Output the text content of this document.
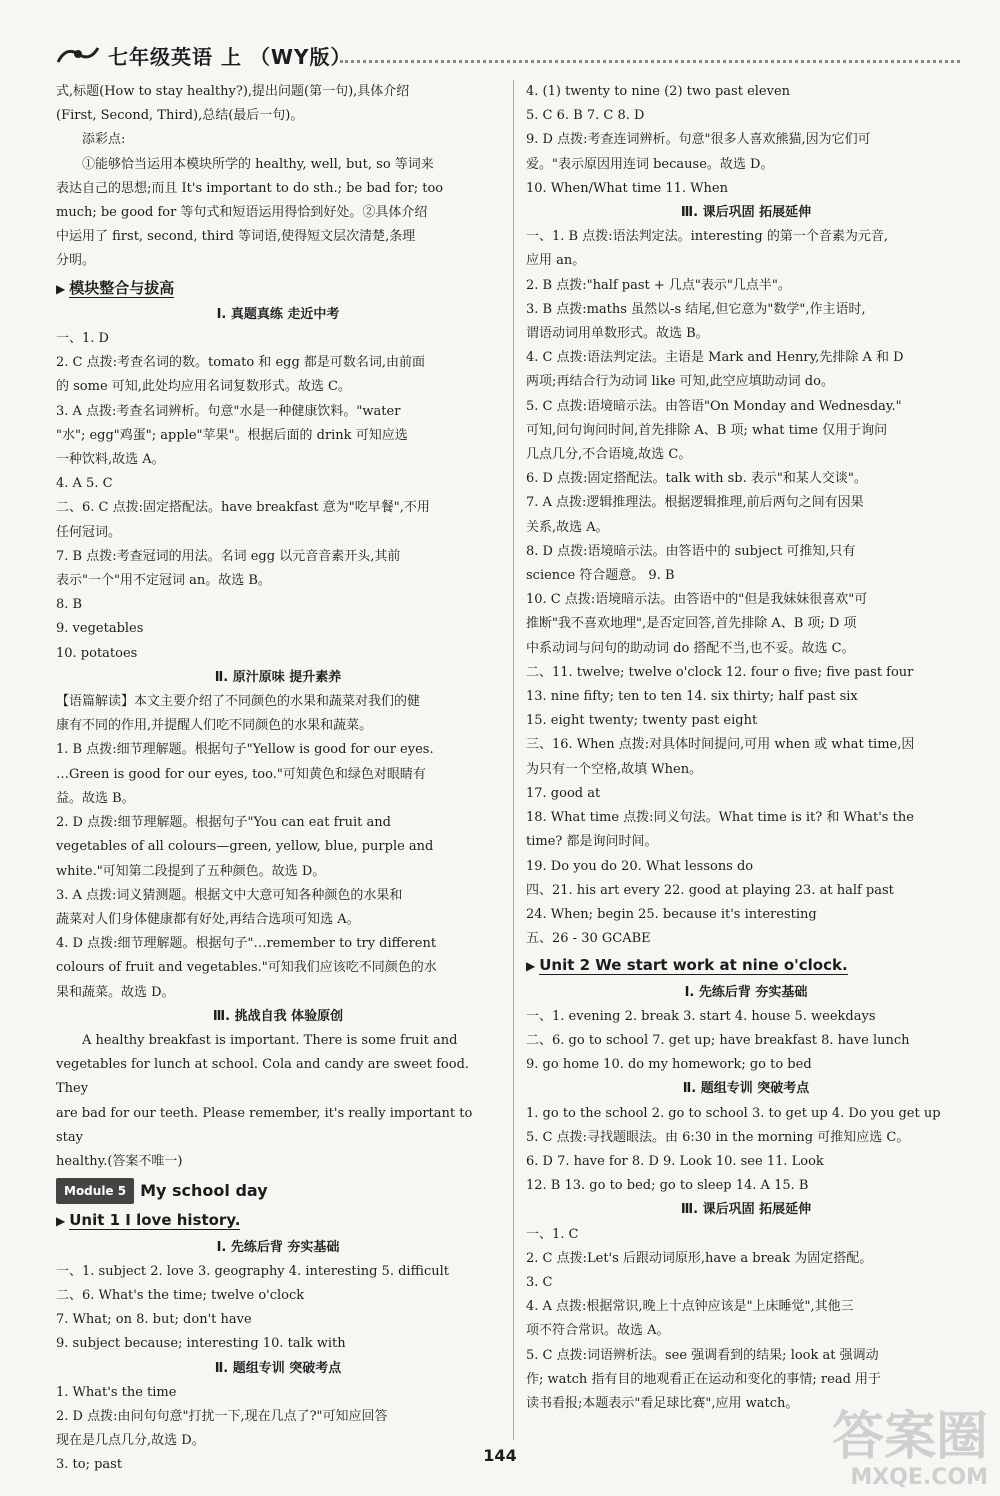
七年级英语 上 （WY版）

式,标题(How to stay healthy?),提出问题(第一句),具体介绍

(First, Second, Third),总结(最后一句)。

添彩点:

①能够恰当运用本模块所学的 healthy, well, but, so 等词来

表达自己的思想;而且 It's important to do sth.; be bad for; too

much; be good for 等句式和短语运用得恰到好处。②具体介绍

中运用了 first, second, third 等词语,使得短文层次清楚,条理

分明。

▶ 模块整合与拔高
Ⅰ. 真题真练 走近中考

一、1. D

2. C 点拨:考查名词的数。tomato 和 egg 都是可数名词,由前面

的 some 可知,此处均应用名词复数形式。故选 C。

3. A 点拨:考查名词辨析。句意"水是一种健康饮料。"water

"水"; egg"鸡蛋"; apple"苹果"。根据后面的 drink 可知应选

一种饮料,故选 A。

4. A 5. C

二、6. C 点拨:固定搭配法。have breakfast 意为"吃早餐",不用

任何冠词。

7. B 点拨:考查冠词的用法。名词 egg 以元音音素开头,其前

表示"一个"用不定冠词 an。故选 B。

8. B

9. vegetables

10. potatoes

Ⅱ. 原汁原味 提升素养

【语篇解读】本文主要介绍了不同颜色的水果和蔬菜对我们的健

康有不同的作用,并提醒人们吃不同颜色的水果和蔬菜。

1. B 点拨:细节理解题。根据句子"Yellow is good for our eyes.

…Green is good for our eyes, too."可知黄色和绿色对眼睛有

益。故选 B。

2. D 点拨:细节理解题。根据句子"You can eat fruit and

vegetables of all colours—green, yellow, blue, purple and

white."可知第二段提到了五种颜色。故选 D。

3. A 点拨:词义猜测题。根据文中大意可知各种颜色的水果和

蔬菜对人们身体健康都有好处,再结合选项可知选 A。

4. D 点拨:细节理解题。根据句子"…remember to try different

colours of fruit and vegetables."可知我们应该吃不同颜色的水

果和蔬菜。故选 D。

Ⅲ. 挑战自我 体验原创

A healthy breakfast is important. There is some fruit and

vegetables for lunch at school. Cola and candy are sweet food. They

are bad for our teeth. Please remember, it's really important to stay

healthy.(答案不唯一)

Module 5 My school day
▶ Unit 1 I love history.
Ⅰ. 先练后背 夯实基础

一、1. subject 2. love 3. geography 4. interesting 5. difficult

二、6. What's the time; twelve o'clock

7. What; on 8. but; don't have

9. subject because; interesting 10. talk with

Ⅱ. 题组专训 突破考点

1. What's the time

2. D 点拨:由问句句意"打扰一下,现在几点了?"可知应回答

现在是几点几分,故选 D。

3. to; past

4. (1) twenty to nine (2) two past eleven

5. C 6. B 7. C 8. D

9. D 点拨:考查连词辨析。句意"很多人喜欢熊猫,因为它们可

爱。"表示原因用连词 because。故选 D。

10. When/What time 11. When

Ⅲ. 课后巩固 拓展延伸

一、1. B 点拨:语法判定法。interesting 的第一个音素为元音,

应用 an。

2. B 点拨:"half past + 几点"表示"几点半"。

3. B 点拨:maths 虽然以-s 结尾,但它意为"数学",作主语时,

谓语动词用单数形式。故选 B。

4. C 点拨:语法判定法。主语是 Mark and Henry,先排除 A 和 D

两项;再结合行为动词 like 可知,此空应填助动词 do。

5. C 点拨:语境暗示法。由答语"On Monday and Wednesday."

可知,问句询问时间,首先排除 A、B 项; what time 仅用于询问

几点几分,不合语境,故选 C。

6. D 点拨:固定搭配法。talk with sb. 表示"和某人交谈"。

7. A 点拨:逻辑推理法。根据逻辑推理,前后两句之间有因果

关系,故选 A。

8. D 点拨:语境暗示法。由答语中的 subject 可推知,只有

science 符合题意。 9. B

10. C 点拨:语境暗示法。由答语中的"但是我妹妹很喜欢"可

推断"我不喜欢地理",是否定回答,首先排除 A、B 项; D 项

中系动词与问句的助动词 do 搭配不当,也不妥。故选 C。

二、11. twelve; twelve o'clock 12. four o five; five past four

13. nine fifty; ten to ten 14. six thirty; half past six

15. eight twenty; twenty past eight

三、16. When 点拨:对具体时间提问,可用 when 或 what time,因

为只有一个空格,故填 When。

17. good at

18. What time 点拨:同义句法。What time is it? 和 What's the

time? 都是询问时间。

19. Do you do 20. What lessons do

四、21. his art every 22. good at playing 23. at half past

24. When; begin 25. because it's interesting

五、26 - 30 GCABE

▶ Unit 2 We start work at nine o'clock.
Ⅰ. 先练后背 夯实基础

一、1. evening 2. break 3. start 4. house 5. weekdays

二、6. go to school 7. get up; have breakfast 8. have lunch

9. go home 10. do my homework; go to bed

Ⅱ. 题组专训 突破考点

1. go to the school 2. go to school 3. to get up 4. Do you get up

5. C 点拨:寻找题眼法。由 6:30 in the morning 可推知应选 C。

6. D 7. have for 8. D 9. Look 10. see 11. Look

12. B 13. go to bed; go to sleep 14. A 15. B

Ⅲ. 课后巩固 拓展延伸

一、1. C

2. C 点拨:Let's 后跟动词原形,have a break 为固定搭配。

3. C

4. A 点拨:根据常识,晚上十点钟应该是"上床睡觉",其他三

项不符合常识。故选 A。

5. C 点拨:词语辨析法。see 强调看到的结果; look at 强调动

作; watch 指有目的地观看正在运动和变化的事情; read 用于

读书看报;本题表示"看足球比赛",应用 watch。

144	答案圈
MXQE.COM
